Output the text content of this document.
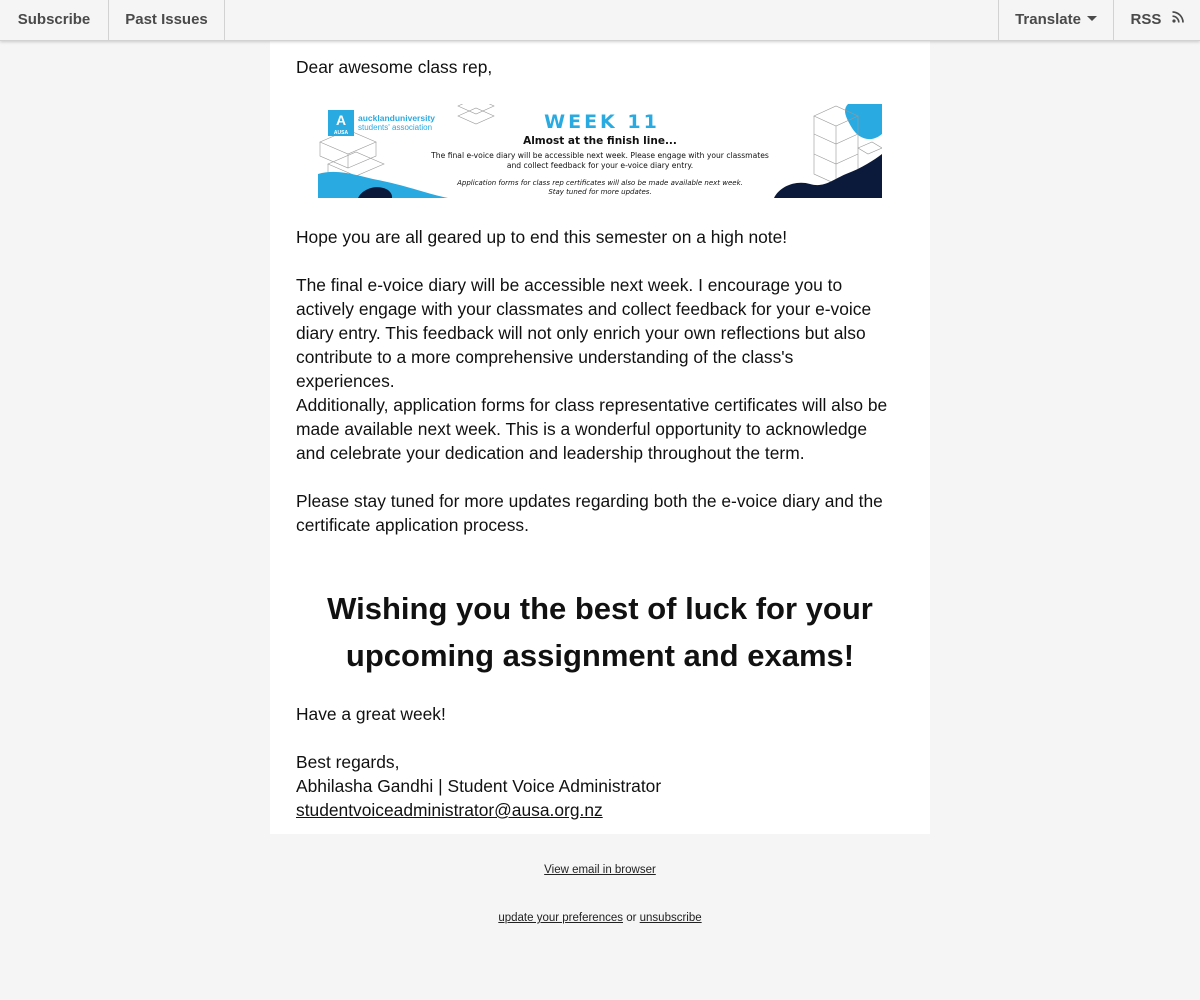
Subscribe	Past Issues	Translate	RSS

Dear awesome class rep,

A
AUSA
aucklanduniversity
students' association	WEEK 11
Almost at the finish line...
The final e-voice diary will be accessible next week. Please engage with your classmates
and collect feedback for your e-voice diary entry.
Application forms for class rep certificates will also be made available next week.
Stay tuned for more updates.

Hope you are all geared up to end this semester on a high note!

The final e-voice diary will be accessible next week. I encourage you to actively engage with your classmates and collect feedback for your e-voice diary entry. This feedback will not only enrich your own reflections but also contribute to a more comprehensive understanding of the class's experiences.

Additionally, application forms for class representative certificates will also be made available next week. This is a wonderful opportunity to acknowledge and celebrate your dedication and leadership throughout the term.

Please stay tuned for more updates regarding both the e-voice diary and the certificate application process.

Wishing you the best of luck for your upcoming assignment and exams!

Have a great week!

Best regards,

Abhilasha Gandhi | Student Voice Administrator

studentvoiceadministrator@ausa.org.nz

View email in browser
update your preferences or unsubscribe
